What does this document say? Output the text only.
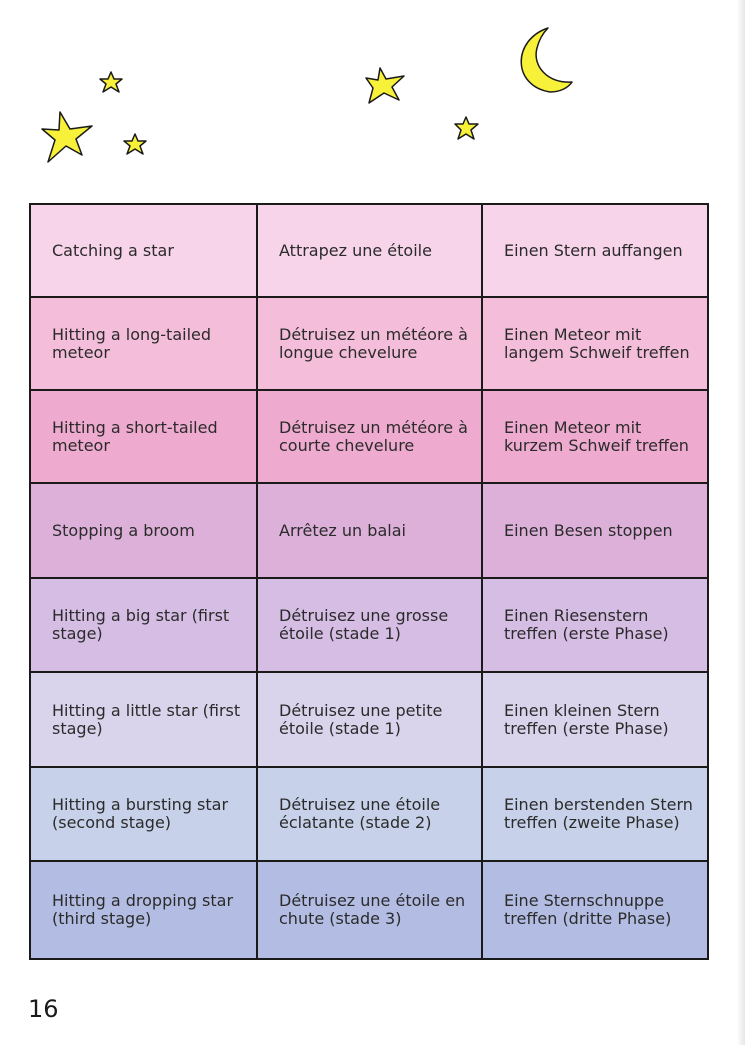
Catching a star	Attrapez une étoile	Einen Stern auffangen
Hitting a long-tailed meteor	Détruisez un météore à longue chevelure	Einen Meteor mit langem Schweif treffen
Hitting a short-tailed meteor	Détruisez un météore à courte chevelure	Einen Meteor mit kurzem Schweif treffen
Stopping a broom	Arrêtez un balai	Einen Besen stoppen
Hitting a big star (first stage)	Détruisez une grosse étoile (stade 1)	Einen Riesenstern treffen (erste Phase)
Hitting a little star (first stage)	Détruisez une petite étoile (stade 1)	Einen kleinen Stern treffen (erste Phase)
Hitting a bursting star (second stage)	Détruisez une étoile éclatante (stade 2)	Einen berstenden Stern treffen (zweite Phase)
Hitting a dropping star (third stage)	Détruisez une étoile en chute (stade 3)	Eine Sternschnuppe treffen (dritte Phase)
16
